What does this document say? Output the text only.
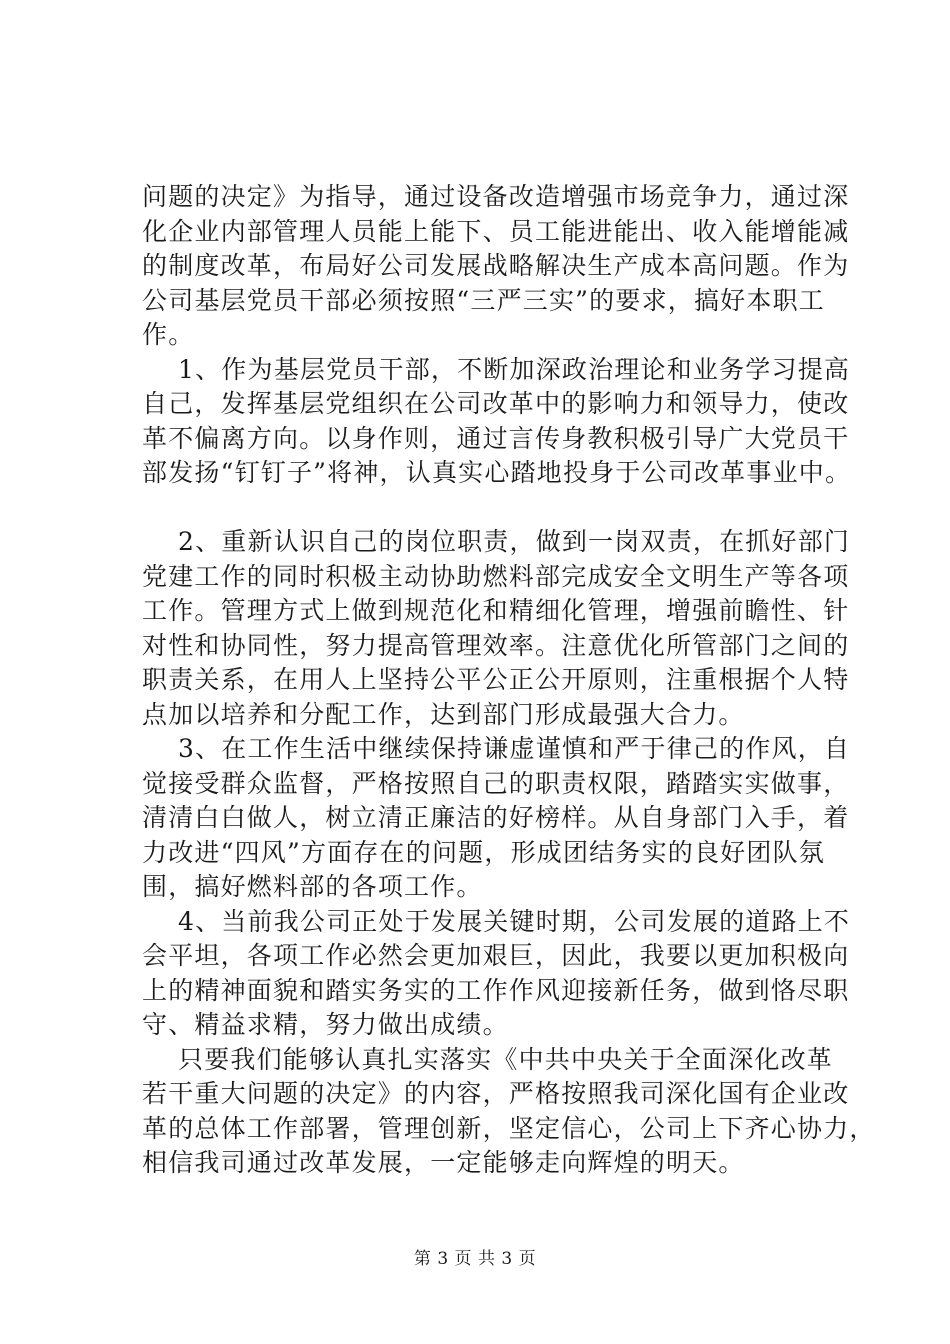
问题的决定》为指导，通过设备改造增强市场竞争力，通过深
化企业内部管理人员能上能下、员工能进能出、收入能增能减
的制度改革，布局好公司发展战略解决生产成本高问题。作为
公司基层党员干部必须按照“三严三实”的要求，搞好本职工
作。
1、作为基层党员干部，不断加深政治理论和业务学习提高
自己，发挥基层党组织在公司改革中的影响力和领导力，使改
革不偏离方向。以身作则，通过言传身教积极引导广大党员干
部发扬“钉钉子”将神，认真实心踏地投身于公司改革事业中。
2、重新认识自己的岗位职责，做到一岗双责，在抓好部门
党建工作的同时积极主动协助燃料部完成安全文明生产等各项
工作。管理方式上做到规范化和精细化管理，增强前瞻性、针
对性和协同性，努力提高管理效率。注意优化所管部门之间的
职责关系，在用人上坚持公平公正公开原则，注重根据个人特
点加以培养和分配工作，达到部门形成最强大合力。
3、在工作生活中继续保持谦虚谨慎和严于律己的作风，自
觉接受群众监督，严格按照自己的职责权限，踏踏实实做事，
清清白白做人，树立清正廉洁的好榜样。从自身部门入手，着
力改进“四风”方面存在的问题，形成团结务实的良好团队氛
围，搞好燃料部的各项工作。
4、当前我公司正处于发展关键时期，公司发展的道路上不
会平坦，各项工作必然会更加艰巨，因此，我要以更加积极向
上的精神面貌和踏实务实的工作作风迎接新任务，做到恪尽职
守、精益求精，努力做出成绩。
只要我们能够认真扎实落实《中共中央关于全面深化改革
若干重大问题的决定》的内容，严格按照我司深化国有企业改
革的总体工作部署，管理创新，坚定信心，公司上下齐心协力，
相信我司通过改革发展，一定能够走向辉煌的明天。
第 3 页 共 3 页
